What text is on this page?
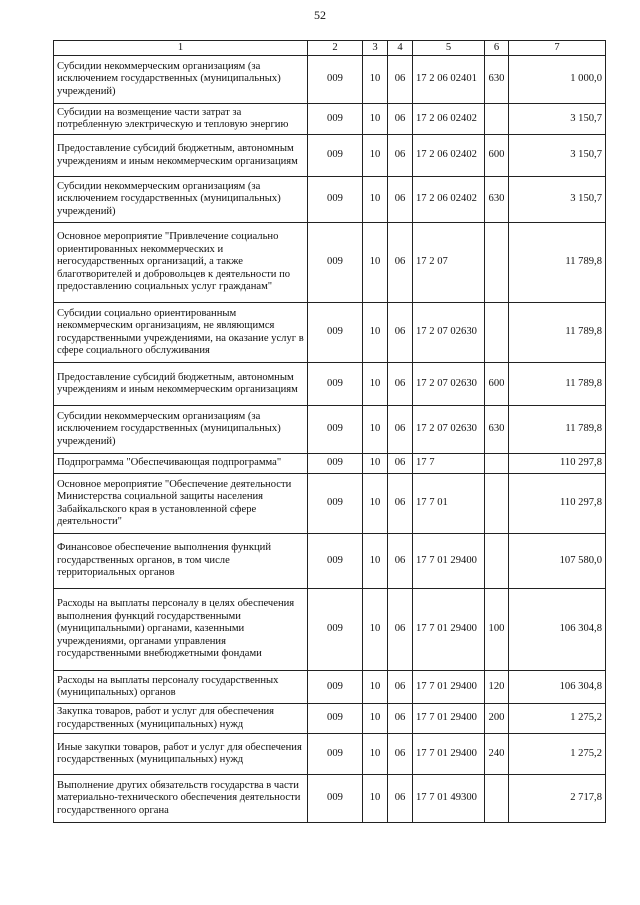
52
1	2	3	4	5	6	7
Субсидии некоммерческим организациям (за исключением государственных (муниципальных) учреждений)	009	10	06	17 2 06 02401	630	1 000,0
Субсидии на возмещение части затрат за потребленную электрическую и тепловую энергию	009	10	06	17 2 06 02402		3 150,7
Предоставление субсидий бюджетным, автономным учреждениям и иным некоммерческим организациям	009	10	06	17 2 06 02402	600	3 150,7
Субсидии некоммерческим организациям (за исключением государственных (муниципальных) учреждений)	009	10	06	17 2 06 02402	630	3 150,7
Основное мероприятие "Привлечение социально ориентированных некоммерческих и негосударственных организаций, а также благотворителей и добровольцев к деятельности по предоставлению социальных услуг гражданам"	009	10	06	17 2 07		11 789,8
Субсидии социально ориентированным некоммерческим организациям, не являющимся государственными учреждениями, на оказание услуг в сфере социального обслуживания	009	10	06	17 2 07 02630		11 789,8
Предоставление субсидий бюджетным, автономным учреждениям и иным некоммерческим организациям	009	10	06	17 2 07 02630	600	11 789,8
Субсидии некоммерческим организациям (за исключением государственных (муниципальных) учреждений)	009	10	06	17 2 07 02630	630	11 789,8
Подпрограмма "Обеспечивающая подпрограмма"	009	10	06	17 7		110 297,8
Основное мероприятие "Обеспечение деятельности Министерства социальной защиты населения Забайкальского края в установленной сфере деятельности"	009	10	06	17 7 01		110 297,8
Финансовое обеспечение выполнения функций государственных органов, в том числе территориальных органов	009	10	06	17 7 01 29400		107 580,0
Расходы на выплаты персоналу в целях обеспечения выполнения функций государственными (муниципальными) органами, казенными учреждениями, органами управления государственными внебюджетными фондами	009	10	06	17 7 01 29400	100	106 304,8
Расходы на выплаты персоналу государственных (муниципальных) органов	009	10	06	17 7 01 29400	120	106 304,8
Закупка товаров, работ и услуг для обеспечения государственных (муниципальных) нужд	009	10	06	17 7 01 29400	200	1 275,2
Иные закупки товаров, работ и услуг для обеспечения государственных (муниципальных) нужд	009	10	06	17 7 01 29400	240	1 275,2
Выполнение других обязательств государства в части материально-технического обеспечения деятельности государственного органа	009	10	06	17 7 01 49300		2 717,8
